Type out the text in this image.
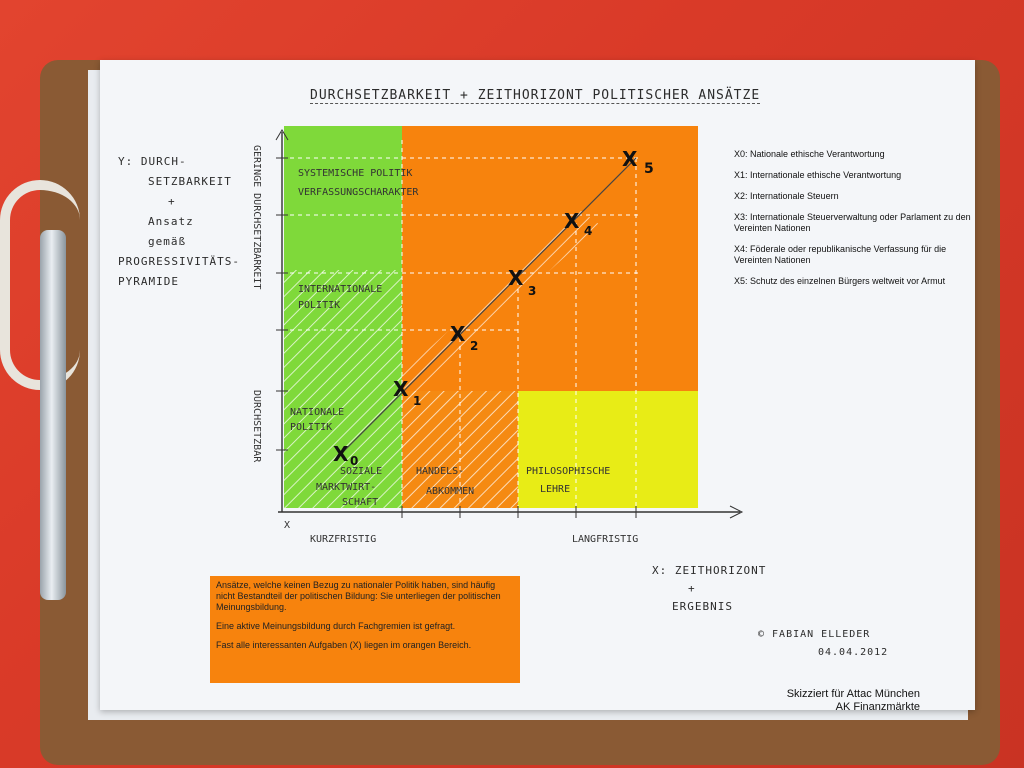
DURCHSETZBARKEIT + ZEITHORIZONT POLITISCHER ANSÄTZE
Y: DURCH-
SETZBARKEIT
+
Ansatz
gemäß
PROGRESSIVITÄTS-
PYRAMIDE
SYSTEMISCHE POLITIK
VERFASSUNGSCHARAKTER
INTERNATIONALE
POLITIK
NATIONALE
POLITIK
SOZIALE
MARKTWIRT-
SCHAFT
HANDELS-
ABKOMMEN
PHILOSOPHISCHE
LEHRE
X 0
X 1
X 2
X
3
X 4
X 5
X
KURZFRISTIG	LANGFRISTIG
GERINGE DURCHSETZBARKEIT
DURCHSETZBAR
X0: Nationale ethische Verantwortung
X1: Internationale ethische Verantwortung
X2: Internationale Steuern
X3: Internationale Steuerverwaltung oder Parlament zu den Vereinten Nationen
X4: Föderale oder republikanische Verfassung für die Vereinten Nationen
X5: Schutz des einzelnen Bürgers weltweit vor Armut
X: ZEITHORIZONT
+
ERGEBNIS
© FABIAN ELLEDER
04.04.2012

Ansätze, welche keinen Bezug zu nationaler Politik haben, sind häufig nicht Bestandteil der politischen Bildung: Sie unterliegen der politischen Meinungsbildung.

Eine aktive Meinungsbildung durch Fachgremien ist gefragt.

Fast alle interessanten Aufgaben (X) liegen im orangen Bereich.

Skizziert für Attac München
AK Finanzmärkte
